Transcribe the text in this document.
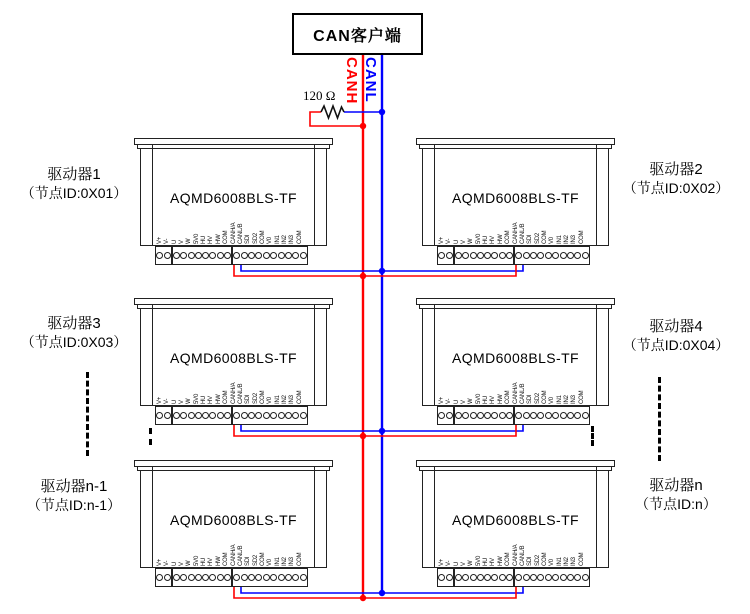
CAN客户端
CANH CANL
120 Ω
驱动器1
（节点ID:0X01）
驱动器2
（节点ID:0X02）
驱动器3
（节点ID:0X03）
驱动器4
（节点ID:0X04）
驱动器n-1
（节点ID:n-1）
驱动器n
（节点ID:n）
AQMD6008BLS-TF
V+ V- U V W 5V0 HU HV HW COM CANH/A CANL/B SDI SD2 COM V0 IN1 IN2 IN3 COM
AQMD6008BLS-TF
V+ V- U V W 5V0 HU HV HW COM CANH/A CANL/B SDI SD2 COM V0 IN1 IN2 IN3 COM
AQMD6008BLS-TF
V+ V- U V W 5V0 HU HV HW COM CANH/A CANL/B SDI SD2 COM V0 IN1 IN2 IN3 COM
AQMD6008BLS-TF
V+ V- U V W 5V0 HU HV HW COM CANH/A CANL/B SDI SD2 COM V0 IN1 IN2 IN3 COM
AQMD6008BLS-TF
V+ V- U V W 5V0 HU HV HW COM CANH/A CANL/B SDI SD2 COM V0 IN1 IN2 IN3 COM
AQMD6008BLS-TF
V+ V- U V W 5V0 HU HV HW COM CANH/A CANL/B SDI SD2 COM V0 IN1 IN2 IN3 COM
